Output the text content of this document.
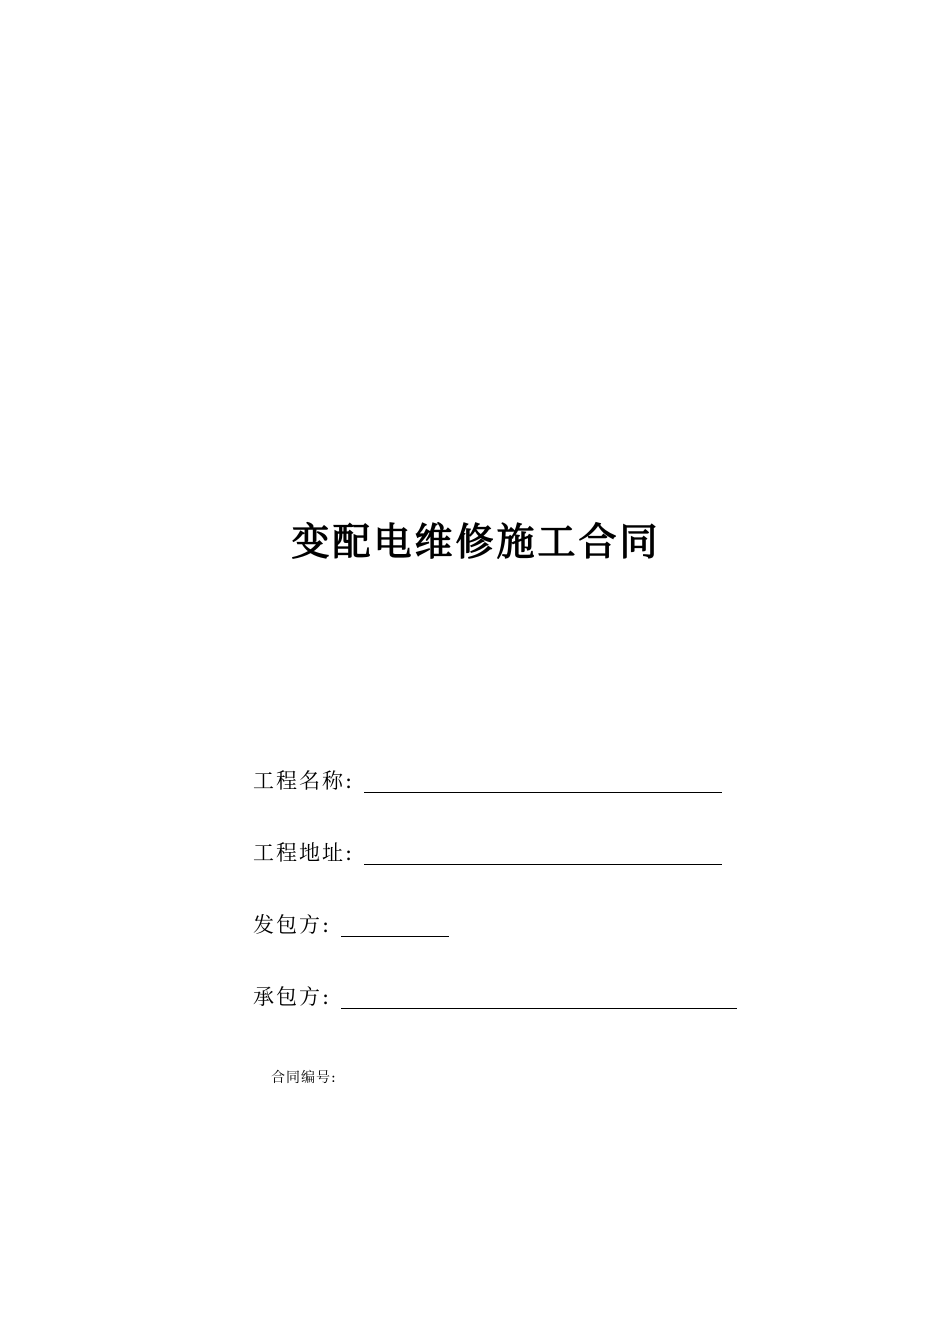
变配电维修施工合同
工程名称:
工程地址:
发包方:
承包方:
合同编号:
